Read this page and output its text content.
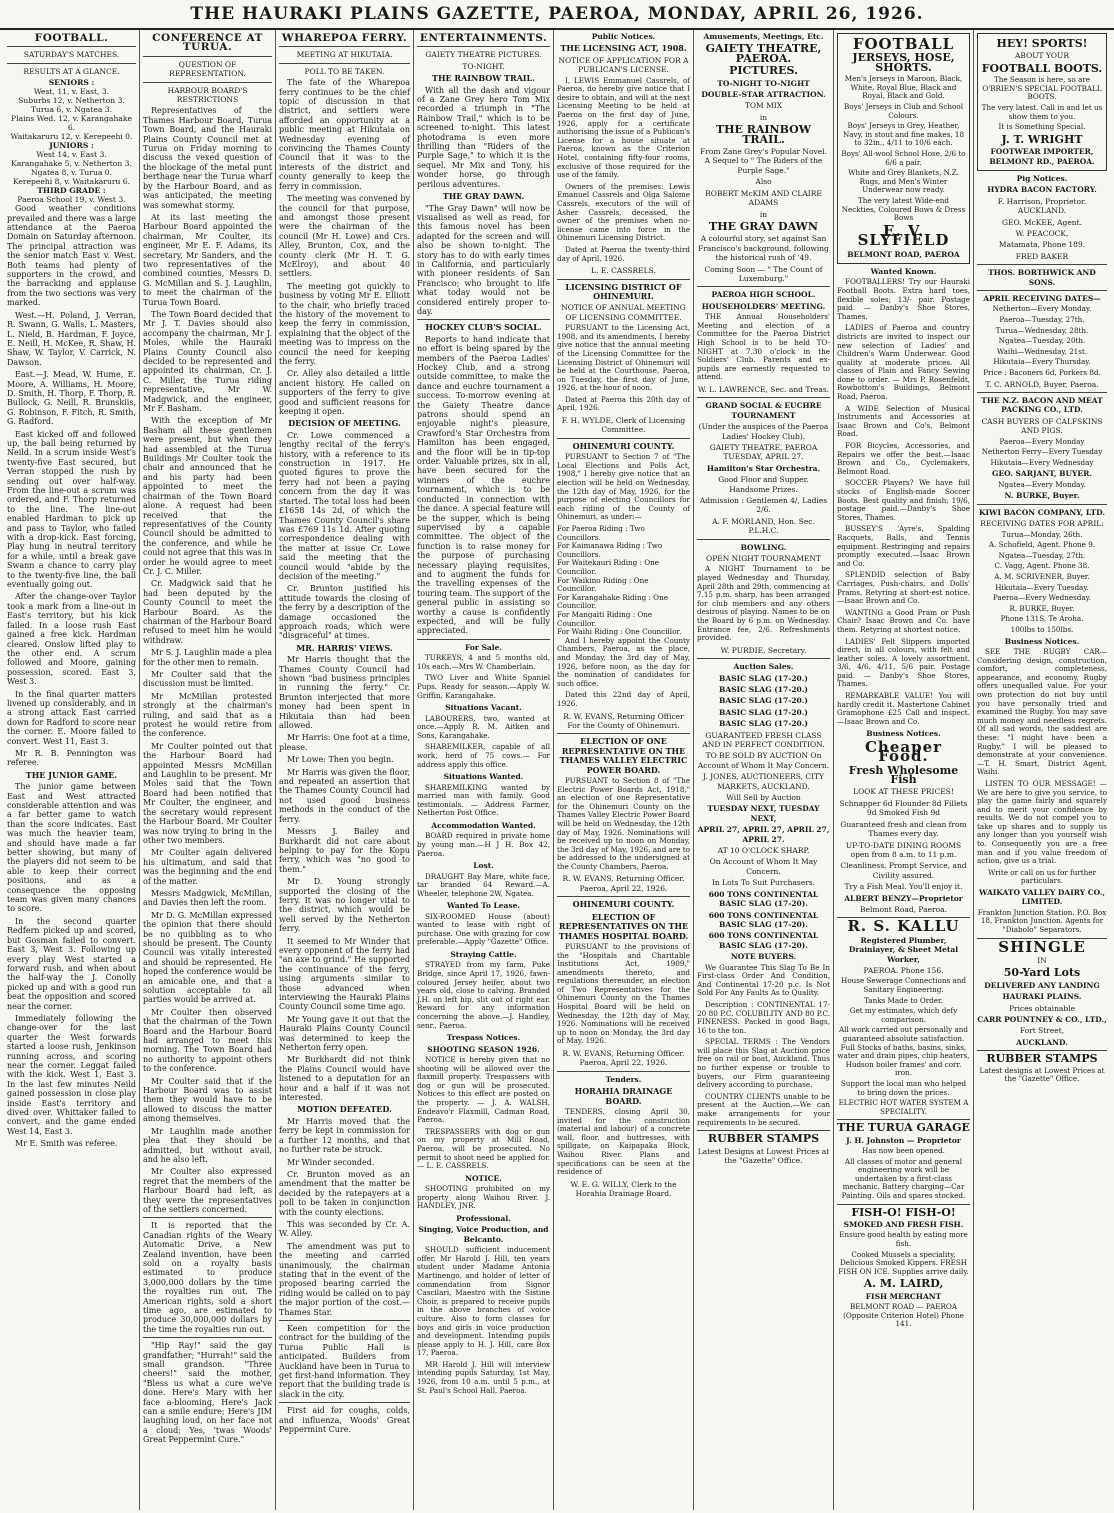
THE HAURAKI PLAINS GAZETTE, PAEROA, MONDAY, APRIL 26, 1926.
FOOTBALL.
SATURDAY'S MATCHES.
RESULTS AT A GLANCE.
SENIORS :
West, 11, v. East, 3.
Suburbs 12, v. Netherton 3.
Turua 6, v. Ngatea 3.
Plains Wed. 12, v. Karangahake 6.
Waitakaruru 12, v. Kerepeehi 0.
JUNIORS :
West 14, v. East 3.
Karangahake 5, v. Netherton 3.
Ngatea 8, v. Turua 0.
Kerepeehi 8, v. Waitakaruru 6.
THIRD GRADE :
Paeroa School 19, v. West 3.

Good weather conditions prevailed and there was a large attendance at the Paeroa Domain on Saturday afternoon. The principal attraction was the senior match East v. West. Both teams had plenty of supporters in the crowd, and the barracking and applause from the two sections was very marked.

West.—H. Poland, J. Verran, R. Swann, G. Walls, L. Masters, L. Nield, B. Hardman, F. Joyce, E. Neill, H. McKee, R. Shaw, H. Shaw, W. Taylor, V. Carrick, N. Dawson.

East.—J. Mead, W. Hume, E. Moore, A. Williams, H. Moore, D. Smith, H. Thorp, F. Thorp, R. Bullock, G. Neill, R. Brunskiis, G. Robinson, F. Fitch, R. Smith, G. Radford.

East kicked off and followed up, the ball being returned by Neild. In a scrum inside West's twenty-five East secured, but Verran stopped the rush by sending out over half-way. From the line-out a scrum was ordered, and F. Thorp returned to the line. The line-out enabled Hardman to pick up and pass to Taylor, who failed with a drop-kick. East forcing, Play hung in neutral territory for a while, until a break gave Swann a chance to carry play to the twenty-five line, the ball eventually going out.

After the change-over Taylor took a mark from a line-out in East's territory, but his kick failed. In a loose rush East gained a free kick. Hardman cleared. Onslow lifted play to the other end. A scrum followed and Moore, gaining possession, scored. East 3, West 3.

In the final quarter matters livened up considerably, and in a strong attack East carried down for Radford to score near the corner. E. Moore failed to convert. West 11, East 3.

Mr R. B. Pennington was referee.

THE JUNIOR GAME.

The junior game between East and West attracted considerable attention and was a far better game to watch than the score indicates. East was much the heavier team, and should have made a far better showing, but many of the players did not seem to be able to keep their correct positions, and as a consequence the opposing team was given many chances to score.

In the second quarter Redfern picked up and scored, but Gosman failed to convert. East 3, West 3. Following up every play West started a forward rush, and when about the half-way the J. Conolly picked up and with a good run beat the opposition and scored near the corner.

Immediately following the change-over for the last quarter the West forwards started a loose rush, Jenkinson running across, and scoring near the corner. Leggat failed with the kick. West 1, East 3. In the last few minutes Neild gained possession in close play inside East's territory and dived over. Whittaker failed to convert, and the game ended West 14, East 3.

Mr E. Smith was referee.

CONFERENCE AT TURUA.
QUESTION OF REPRESENTATION.
HARBOUR BOARD'S RESTRICTIONS

Representatives of the Thames Harbour Board, Turua Town Board, and the Hauraki Plains County Council met at Turua on Friday morning to discuss the vexed question of the blockage of the metal punt berthage near the Turua wharf by the Harbour Board, and as was anticipated, the meeting was somewhat stormy.

At its last meeting the Harbour Board appointed the chairman, Mr Coulter, its engineer, Mr E. F. Adams, its secretary, Mr Sanders, and the two representatives of the combined counties, Messrs D. G. McMillan and S. J. Laughlin, to meet the chairman of the Turua Town Board.

The Town Board decided that Mr J. T. Davies should also accompany the chairman, Mr J. Moles, while the Hauraki Plains County Council also decided to be represented and appointed its chairman, Cr. J. C. Miller, the Turua riding representative, Mr W. Madgwick, and the engineer, Mr F. Basham.

With the exception of Mr Basham all these gentlemen were present, but when they had assembled at the Turua Buildings Mr Coulter took the chair and announced that he and his party had been appointed to meet the chairman of the Town Board alone. A request had been received that the representatives of the County Council should be admitted to the conference, and while he could not agree that this was in order he would agree to meet Cr. J. C. Miller.

Cr. Madgwick said that he had been deputed by the County Council to meet the Harbour Board. As the chairman of the Harbour Board refused to meet him he would withdraw.

Mr S. J. Laughlin made a plea for the other men to remain.

Mr Coulter said that the discussion must be limited.

Mr McMillan protested strongly at the chairman's ruling, and said that as a protest he would retire from the conference.

Mr Coulter pointed out that the Harbour Board had appointed Messrs McMillan and Laughlin to be present. Mr Moles said that the Town Board had been notified that Mr Coulter, the engineer, and the secretary would represent the Harbour Board. Mr Coulter was now trying to bring in the other two members.

Mr Coulter again delivered his ultimatum, and said that was the beginning and the end of the matter.

Messrs Madgwick, McMillan, and Davies then left the room.

Mr D. G. McMillan expressed the opinion that there should be no quibbling as to who should be present. The County Council was vitally interested and should be represented. He hoped the conference would be an amicable one, and that a solution acceptable to all parties would be arrived at.

Mr Coulter then observed that the chairman of the Town Board and the Harbour Board had arranged to meet this morning. The Town Board had no authority to appoint others to the conference.

Mr Coulter said that if the Harbour Board was to assist them they would have to be allowed to discuss the matter among themselves.

Mr Laughlin made another plea that they should be admitted, but without avail, and he also left.

Mr Coulter also expressed regret that the members of the Harbour Board had left, as they were the representatives of the settlers concerned.

It is reported that the Canadian rights of the Weary Automatic Drive, a New Zealand invention, have been sold on a royalty basis estimated to produce 3,000,000 dollars by the time the royalties run out. The American rights, sold a short time ago, are estimated to produce 30,000,000 dollars by the time the royalties run out.

"Hip Ray!" said the gay grandfather; "Hurrah!" said the small grandson. "Three cheers!" said the mother, "Bless us what a cure we've done. Here's Mary with her face a-blooming, Here's Jack can a smile endure; Here's JIM laughing loud, on her face not a cloud; Yes, 'twas Woods' Great Peppermint Cure."

WHAREPOA FERRY.
MEETING AT HIKUTAIA.
POLL TO BE TAKEN.

The fate of the Wharepoa ferry continues to be the chief topic of discussion in that district, and settlers were afforded an opportunity at a public meeting at Hikutaia on Wednesday evening of convincing the Thames County Council that it was to the interests of the district and county generally to keep the ferry in commission.

The meeting was convened by the council for that purpose, and amongst those present were the chairman of the council (Mr H. Lowe) and Crs. Alley, Brunton, Cox, and the county clerk (Mr H. T. G. McElroy), and about 40 settlers.

The meeting got quickly to business by voting Mr E. Elliott to the chair, who briefly traced the history of the movement to keep the ferry in commission, explaining that the object of the meeting was to impress on the council the need for keeping the ferry.

Cr. Alley also detailed a little ancient history. He called on supporters of the ferry to give good and sufficient reasons for keeping it open.

DECISION OF MEETING.

Cr. Lowe commenced a lengthy recital of the ferry's history, with a reference to its construction in 1917. He quoted figures to prove the ferry had not been a paying concern from the day it was started. The total loss had been £1658 14s 2d, of which the Thames County Council's share was £769 11s 1d. After quoting correspondence dealing with the matter at issue Cr. Lowe said the meeting that the council would "abide by the decision of the meeting."

Cr. Brunton justified his attitude towards the closing of the ferry by a description of the damage occasioned the approach roads, which were "disgraceful" at times.

MR. HARRIS' VIEWS.

Mr Harris thought that the Thames County Council had shown "bad business principles in running the ferry." Cr. Brunton interjected that more money had been spent in Hikutaia than had been allowed.

Mr Harris: One foot at a time, please.

Mr Lowe: Then you begin.

Mr Harris was given the floor, and repeated an assertion that the Thames County Council had not used good business methods in the conduct of the ferry.

Messrs J. Bailey and Burkhardt did not care about helping to pay for the Kopu ferry, which was "no good to them."

Mr D. Young strongly supported the closing of the ferry. It was no longer vital to the district, which would be well served by the Netherton ferry.

It seemed to Mr Winder that every opponent of the ferry had "an axe to grind." He supported the continuance of the ferry, using arguments similar to those advanced when interviewing the Hauraki Plains County Council some time ago.

Mr Young gave it out that the Hauraki Plains County Council was determined to keep the Netherton ferry open.

Mr Burkhardt did not think the Plains Council would have listened to a deputation for an hour and a half if it was not interested.

MOTION DEFEATED.

Mr Harris moved that the ferry be kept in commission for a further 12 months, and that no further rate be struck.

Mr Winder seconded.

Cr. Brunton moved as an amendment that the matter be decided by the ratepayers at a poll to be taken in conjunction with the county elections.

This was seconded by Cr. A. W. Alley.

The amendment was put to the meeting and carried unanimously, the chairman stating that in the event of the proposed bearing carried the riding would be called on to pay the major portion of the cost.—Thames Star.

Keen competition for the contract for the building of the Turua Public Hall is anticipated. Builders from Auckland have been in Turua to get first-hand information. They report that the building trade is slack in the city.

First aid for coughs, colds, and influenza, Woods' Great Peppermint Cure.

ENTERTAINMENTS.
GAIETY THEATRE PICTURES.
TO-NIGHT.
THE RAINBOW TRAIL.

With all the dash and vigour of a Zane Grey hero Tom Mix recorded a triumph in "The Rainbow Trail," which is to be screened to-night. This latest photodrama is even more thrilling than "Riders of the Purple Sage," to which it is the sequel. Mr Mix and Tony, his wonder horse, go through perilous adventures.

THE GRAY DAWN.

"The Gray Dawn" will now be visualised as well as read, for this famous novel has been adapted for the screen and will also be shown to-night. The story has to do with early times in California, and particularly with pioneer residents of San Francisco; who brought to life what today would not be considered entirely proper to-day.

HOCKEY CLUB'S SOCIAL.

Reports to hand indicate that no effort is being spared by the members of the Paeroa Ladies' Hockey Club, and a strong outside committee, to make the dance and euchre tournament a success. To-morrow evening at the Gaiety Theatre dance patrons should spend an enjoyable night's pleasure, Crawford's Star Orchestra from Hamilton has been engaged, and the floor will be in tip-top order. Valuable prizes, six in all, have been secured for the winners of the euchre tournament, which is to be conducted in connection with the dance. A special feature will be the supper, which is being supervised by a capable committee. The object of the function is to raise money for the purpose of purchasing necessary playing requisites, and to augment the funds for the travelling expenses of the touring team. The support of the general public in assisting so worthy a cause is confidently expected, and will be fully appreciated.

For Sale.

TURKEYS, 4 and 5 months old, 10s each.—Mrs W. Chamberlain.

TWO Liver and White Spaniel Pups. Ready for season.—Apply W. Griffin, Karangahake.

Situations Vacant.

LABOURERS, two, wanted at once.—Apply R. M. Aitken and Sons, Karangahake.

SHAREMILKER, capable of all work, herd of 75 cows.— For address apply this office.

Situations Wanted.

SHAREMILKING wanted by married man with family. Good testimonials. — Address Farmer, Netherton Post Office.

Accommodation Wanted.

BOARD required in private home by young man.—H J H. Box 42, Paeroa.

Lost.

DRAUGHT Bay Mare, white face, tar branded 64 Reward.—A. Wheeler, telephone 2W, Ngatea.

Wanted To Lease.

SIX-ROOMED House (about) wanted to lease with right of purchase. One with grazing for cow preferable.—Apply "Gazette" Office.

Straying Cattle.

STRAYED from my farm, Puke Bridge, since April 17, 1926, fawn-coloured Jersey heifer, about two years old, close to calving. Branded J.H. on left hip, slit out of right ear. Reward for any information concerning the above.—J. Handley, senr., Paeroa.

Trespass Notices.
SHOOTING SEASON 1926.

NOTICE is hereby given that no shooting will be allowed over the flaxmill property. Trespassers with dog or gun will be prosecuted. Notices to this effect are posted on the property. — J. A. WALSH, Endeavo'r Flaxmill, Cadman Road, Paeroa.

TRESPASSERS with dog or gun on my property at Mill Road, Paeroa, will be prosecuted. No permit to shoot need be applied for. — L. E. CASSRELS.

NOTICE.

SHOOTING prohibited on my property along Waihou River. J. HANDLEY, JNR.

Professional.
Singing, Voice Production, and Belcanto.

SHOULD sufficient inducement offer, Mr Harold J. Hill, ten years student under Madame Antonia Martinengo, and holder of letter of commendation from Signor Cascilari, Maestro with the Sistine Choir, is prepared to receive pupils in the above branches of voice culture. Also to form classes for boys and girls in voice production and development. Intending pupils please apply to H. J. Hill, care Box 17, Paeroa.

MR Harold J. Hill will interview intending pupils Saturday, 1st May, 1926, from 10 a.m. until 5 p.m., at St. Paul's School Hall, Paeroa.

Public Notices.
THE LICENSING ACT, 1908.
NOTICE OF APPLICATION FOR A PUBLICAN'S LICENSE.

I, LEWIS Emmanuel Cassrels, of Paeroa, do hereby give notice that I desire to obtain, and will at the next Licensing Meeting to be held at Paeroa on the first day of June, 1926, apply for a certificate authorising the issue of a Publican's License for a house situate at Paeroa, known as the Criterion Hotel, containing fifty-four rooms, exclusive of those required for the use of the family.

Owners of the premises: Lewis Emanuel Cassrels and Olga Salome Cassrels, executors of the will of Asher Cassrels, deceased, the owner of the premises when no-license came into force in the Ohinemuri Licensing District.

Dated at Paeroa the twenty-third day of April, 1926.

L. E. CASSRELS.
LICENSING DISTRICT OF OHINEMURI.
NOTICE OF ANNUAL MEETING OF LICENSING COMMITTEE.

PURSUANT to the Licensing Act, 1908, and its amendments, I hereby give notice that the annual meeting of the Licensing Committee for the Licensing District of Ohinemuri will be held at the Courthouse, Paeroa, on Tuesday, the first day of June, 1926, at the hour of noon.

Dated at Paeroa this 20th day of April, 1926.

F. H. WYLDE, Clerk of Licensing Committee.
OHINEMURI COUNTY.

PURSUANT to Section 7 of "The Local Elections and Polls Act, 1908," I hereby give notice that an election will be held on Wednesday, the 12th day of May, 1926, for the purpose of electing Councillors for each riding of the County of Ohinemuri, as under:—

For Paeroa Riding : Two Councillors.
For Kaimanawa Riding : Two Councillors.
For Waitekauri Riding : One Councillor.
For Waikino Riding : One Councillor.
For Karangahake Riding : One Councillor.
For Mangaiti Riding : One Councillor.
For Waihi Riding : One Councillor.

And I hereby appoint the County Chambers, Paeroa, as the place, and Monday, the 3rd day of May, 1926, before noon, as the day for the nomination of candidates for such office.

Dated this 22nd day of April, 1926.

R. W. EVANS, Returning Officer For the County of Ohinemuri.
ELECTION OF ONE REPRESENTATIVE ON THE THAMES VALLEY ELECTRIC POWER BOARD.

PURSUANT to Section 8 of "The Electric Power Boards Act, 1918," an election of one Representative for the Ohinemuri County on the Thames Valley Electric Power Board will be held on Wednesday, the 12th day of May, 1926. Nominations will be received up to noon on Monday, the 3rd day of May, 1926, and are to be addressed to the undersigned at the County Chambers, Paeroa.

R. W. EVANS, Returning Officer. Paeroa, April 22, 1926.
OHINEMURI COUNTY.
ELECTION OF REPRESENTATIVES ON THE THAMES HOSPITAL BOARD.

PURSUANT to the provisions of the "Hospitals and Charitable Institutions Act, 1909," amendments thereto, and regulations thereunder, an election of Two Representatives for the Ohinemuri County on the Thames Hospital Board will be held on Wednesday, the 12th day of May, 1926. Nominations will be received up to noon on Monday, the 3rd day of May, 1926.

R. W. EVANS, Returning Officer. Paeroa, April 22, 1926.
Tenders.
HORAHIA DRAINAGE BOARD.

TENDERS, closing April 30, invited for the construction (material and labour) of a concrete wall, floor, and buttresses, with spillgate, on Kaipapaka Block, Waihou River. Plans and specifications can be seen at the residence of

W. E. G. WILLY, Clerk to the Horahia Drainage Board.
Amusements, Meetings, Etc.
GAIETY THEATRE, PAEROA.
PICTURES.
TO-NIGHT TO-NIGHT
DOUBLE-STAR ATTRACTION.
TOM MIX
in
THE RAINBOW TRAIL.
From Zane Grey's Popular Novel. A Sequel to " The Riders of the Purple Sage."
Also
ROBERT McKIM AND CLAIRE ADAMS
in
THE GRAY DAWN
A colourful story, set against San Francisco's background, following the historical rush of '49.
Coming Soon — " The Count of Luxemburg."
PAEROA HIGH SCHOOL.
HOUSEHOLDERS' MEETING.

THE Annual Householders' Meeting and election of a Committee for the Paeroa District High School is to be held TO-NIGHT at 7.30 o'clock in the Soldiers' Club. Parents and ex-pupils are earnestly requested to attend.

W. L. LAWRENCE, Sec. and Treas.
GRAND SOCIAL & EUCHRE TOURNAMENT
(Under the auspices of the Paeroa Ladies' Hockey Club).
GAIETY THEATRE, PAEROA TUESDAY, APRIL 27.
Hamilton's Star Orchestra.
Good Floor and Supper. Handsome Prizes.
Admission : Gentlemen 4/, Ladies 2/6.
A. F. MORLAND, Hon. Sec. P.L.H.C.
BOWLING.
OPEN NIGHT TOURNAMENT

A NIGHT Tournament to be played Wednesday and Thursday, April 28th and 29th, commencing at 7.15 p.m. sharp, has been arranged for club members and any others desirous of playing. Names to be on the Board by 6 p.m. on Wednesday. Entrance fee, 2/6. Refreshments provided.

W. PURDIE, Secretary.
Auction Sales.
BASIC SLAG (17-20.)
BASIC SLAG (17-20.)
BASIC SLAG (17-20.)
BASIC SLAG (17-20.)
BASIC SLAG (17-20.)
GUARANTEED FRESH CLASS AND IN PERFECT CONDITION.
TO BE SOLD BY AUCTION On Account of Whom It May Concern.
J. JONES, AUCTIONEERS, CITY MARKETS, AUCKLAND.
Will Sell by Auction
TUESDAY NEXT, TUESDAY NEXT,
APRIL 27, APRIL 27, APRIL 27, APRIL 27.
AT 10 O'CLOCK SHARP.
On Account of Whom It May Concern.
In Lots To Suit Purchasers.
600 TONS CONTINENTAL BASIC SLAG (17-20).
600 TONS CONTINENTAL BASIC SLAG (17-20).
600 TONS CONTINENTAL BASIC SLAG (17-20).
NOTE BUYERS.

We Guarantee This Slag To Be In First-class Order And Condition, And Continental 17-20 p.c. Is Not Sold For Any Faults As to Quality.

Description : CONTINENTAL 17-20 80 P.C. COLUBILITY AND 80 P.C. FINENESS. Packed in good Bags, 16 to the ton.

SPECIAL TERMS : The Vendors will place this Slag at Auction price free on rail or boat, Auckland. Thus no further expense or trouble to buyers, our Firm guaranteeing delivery according to purchase.

COUNTRY CLIENTS unable to be present at the Auction.—We can make arrangements for your requirements to be secured.

RUBBER STAMPS
Latest Designs at Lowest Prices at the "Gazette" Office.
FOOTBALL
JERSEYS, HOSE, SHORTS.
Men's Jerseys in Maroon, Black, White, Royal Blue, Black and Royal, Black and Gold.
Boys' Jerseys in Club and School Colours.
Boys' Jerseys in Grey, Heather, Navy, in stout and fine makes, 18 to 32in., 4/11 to 10/6 each.
Boys' All-wool School Hose, 2/6 to 6/6 a pair.
White and Grey Blankets, N.Z. Rugs, and Men's Winter Underwear now ready.
The very latest Wide-end Neckties, Coloured Bows & Dress Bows
E. V. SLYFIELD
BELMONT ROAD, PAEROA
Wanted Known.

FOOTBALLERS! Try our Hauraki Football Boots. Extra hard toes, flexible soles; 13/- pair. Postage paid. — Danby's Shoe Stores, Thames.

LADIES of Paeroa and country districts are invited to inspect our new selection of Ladies' and Children's Warm Underwear. Good quality at moderate prices. All classes of Plain and Fancy Sewing done to order. — Mrs P. Rosenfeldt, Rowbottom's Buildings, Belmont Road, Paeroa.

A WIDE Selection of Musical Instruments and Accessories at Isaac Brown and Co's, Belmont Road.

FOR Bicycles, Accessories, and Repairs we offer the best.—Isaac Brown and Co., Cyclemakers, Belmont Road.

SOCCER Players? We have full stocks of English-made Soccer Boots. Best quality and finish; 19/6, postage paid.—Danby's Shoe Stores, Thames.

BUSSEY'S 'Ayre's, Spalding Racquets, Balls, and Tennis equipment. Restringing and repairs promptly executed.—Isaac Brown and Co.

SPLENDID selection of Baby Carriages, Push-chairs, and Dolls' Prams. Retyring at short-est notice.—Isaac Brown and Co.

WANTING a Good Pram or Push Chair? Isaac Brown and Co. have them. Retyring at shortest notice.

LADIES' Felt Slippers imported direct, in all colours, with felt and leather soles. A lovely assortment. 3/6, 4/6, 4/11, 5/6 pair. Postage paid. — Danby's Shoe Stores, Thames.

REMARKABLE VALUE! You will hardly credit it. Mastertone Cabinet Gramophone £25 Call and inspect.—Isaac Brown and Co.

Business Notices.
Cheaper Food.
Fresh Wholesome Fish
LOOK AT THESE PRICES!
Schnapper 6d Flounder 8d Fillets 9d Smoked Fish 9d
Guaranteed fresh and clean from Thames every day.
UP-TO-DATE DINING ROOMS open from 8 a.m. to 11 p.m.
Cleanliness, Prompt Service, and Civility assured.
Try a Fish Meal. You'll enjoy it.
ALBERT BENZY—Proprietor
Belmont Road, Paeroa.
R. S. KALLU
Registered Plumber, Drainlayer, & Sheet Metal Worker,
PAEROA. Phone 156.
House Sewerage Connections and Sanitary Engineering.
Tanks Made to Order.
Get my estimates, which defy comparison.
All work carried out personally and guaranteed absolute satisfaction. Full Stocks of baths, basins, sinks, water and drain pipes, chip heaters, Hudson boiler frames' and corr. iron.
Support the local man who helped to bring down the prices.
ELECTRIC HOT WATER SYSTEM A SPECIALITY.
THE TURUA GARAGE
J. H. Johnston — Proprietor
Has now been opened.
All classes of motor and general engineering work will be undertaken by a first-class mechanic. Battery charging—Car Painting. Oils and spares stocked.
FISH-O! FISH-O!
SMOKED AND FRESH FISH.
Ensure good health by eating more fish.
Cooked Mussels a speciality, Delicious Smoked Kippers. FRESH FISH ON ICE. Supplies arrive daily.
A. M. LAIRD,
FISH MERCHANT
BELMONT ROAD — PAEROA (Opposite Criterion Hotel) Phone 141.
HEY! SPORTS!
ABOUT YOUR
FOOTBALL BOOTS.
The Season is here, so are O'BRIEN'S SPECIAL FOOTBALL BOOTS.
The very latest. Call in and let us show them to you.
It is Something Special.
J. T. WRIGHT
FOOTWEAR IMPORTER, BELMONT RD., PAEROA.
Pig Notices.
HYDRA BACON FACTORY.
F. Harrison, Proprietor. AUCKLAND.
GEO. McKEE, Agent.
W. PEACOCK,
Matamata, Phone 189.
FRED BAKER
THOS. BORTHWICK AND SONS.
APRIL RECEIVING DATES—
Netherton—Every Monday.
Paeroa—Tuesday, 27th.
Turua—Wednesday, 28th.
Ngatea—Tuesday, 20th.
Waihi—Wednesday, 21st.
Hikutaia—Every Thursday.
Price : Baconers 6d, Porkers 8d.
T. C. ARNOLD, Buyer, Paeroa.
THE N.Z. BACON AND MEAT PACKING CO., LTD.
CASH BUYERS OF CALFSKINS AND PIGS.
Paeroa—Every Monday
Netherton Ferry—Every Tuesday
Hikutaia—Every Wednesday
GEO. SARJANT, BUYER.
Ngatea—Every Monday.
N. BURKE, Buyer.
KIWI BACON COMPANY, LTD.
RECEIVING DATES FOR APRIL:
Turua—Monday, 26th.
A. Schofield, Agent. Phone 9.
Ngatea—Tuesday, 27th.
C. Vagg, Agent. Phone 38.
A. M. SCRIVENER, Buyer.
Hikutaia—Every Tuesday.
Paeroa—Every Wednesday.
R. BURKE, Buyer.
Phone 131S, Te Aroha.
100lbs to 150lbs.
Business Notices.

SEE THE RUGBY CAR—Considering design, construction, comfort, completeness, appearance, and economy, Rugby offers unequalled value. For your own protection do not buy until you have personally tried and examined the Rugby. You may save much money and needless regrets. Of all sad words, the saddest are these: "I might have been a Rugby." I will be pleased to demonstrate at your convenience.—T. H. Smart, District Agent, Waihi.

LISTEN TO OUR MESSAGE! — We are here to give you service, to play the game fairly and squarely and to merit your confidence by results. We do not compel you to take up shares and to supply us any longer than you yourself wish to. Consequently you are a free man and if you value freedom of action, give us a trial.

Write or call on us for further particulars.
WAIKATO VALLEY DAIRY CO., LIMITED.
Frankton Junction Station. P.O. Box 18, Frankton Junction. Agents for "Diabolo" Separators.
SHINGLE
IN
50-Yard Lots
DELIVERED ANY LANDING
HAURAKI PLAINS.
Prices obtainable
CARR POUNTNEY & CO., LTD.,
Fort Street,
AUCKLAND.
RUBBER STAMPS
Latest designs at Lowest Prices at the "Gazette" Office.
